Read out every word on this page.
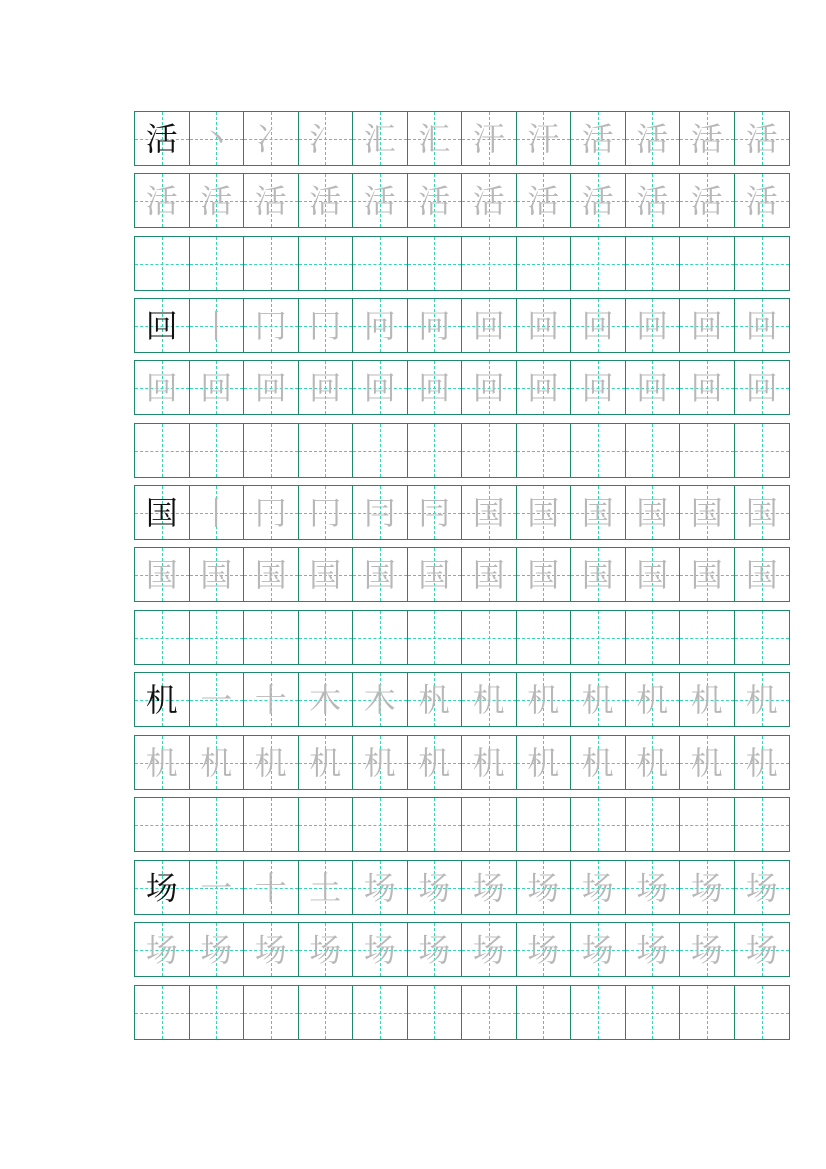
活 丶 冫 氵 汇 汇 汗 汗 活 活 活 活
活 活 活 活 活 活 活 活 活 活 活 活
回 丨 冂 冂 冋 冋 回 回 回 回 回 回
回 回 回 回 回 回 回 回 回 回 回 回
国 丨 冂 冂 冃 冃 国 国 国 国 国 国
国 国 国 国 国 国 国 国 国 国 国 国
机 一 十 木 木 杋 机 机 机 机 机 机
机 机 机 机 机 机 机 机 机 机 机 机
场 一 十 土 场 场 场 场 场 场 场 场
场 场 场 场 场 场 场 场 场 场 场 场
